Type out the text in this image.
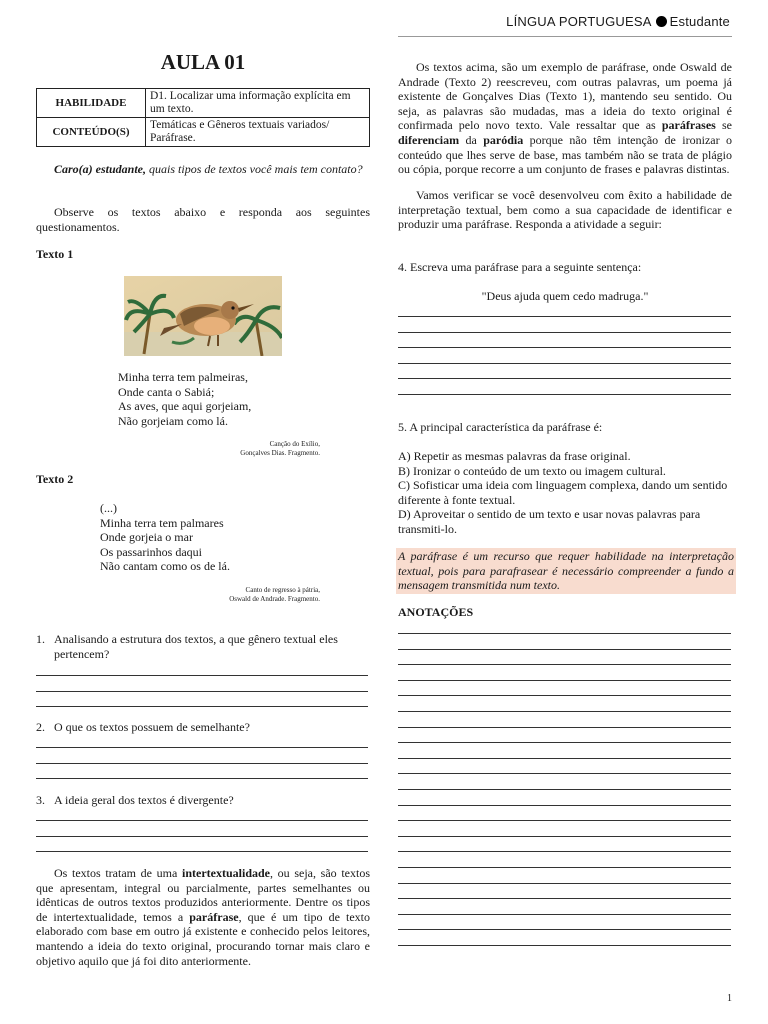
LÍNGUA PORTUGUESA Estudante
AULA 01
HABILIDADE	D1. Localizar uma informação explícita em um texto.
CONTEÚDO(S)	Temáticas e Gêneros textuais variados/ Paráfrase.
Caro(a) estudante, quais tipos de textos você mais tem contato?
Observe os textos abaixo e responda aos seguintes questionamentos.
Texto 1
Minha terra tem palmeiras,
Onde canta o Sabiá;
As aves, que aqui gorjeiam,
Não gorjeiam como lá.
Canção do Exílio,
Gonçalves Dias. Fragmento.
Texto 2
(...)
Minha terra tem palmares
Onde gorjeia o mar
Os passarinhos daqui
Não cantam como os de lá.
Canto de regresso à pátria,
Oswald de Andrade. Fragmento.
1. Analisando a estrutura dos textos, a que gênero textual eles pertencem?
2. O que os textos possuem de semelhante?
3. A ideia geral dos textos é divergente?
Os textos tratam de uma intertextualidade, ou seja, são textos que apresentam, integral ou parcialmente, partes semelhantes ou idênticas de outros textos produzidos anteriormente. Dentre os tipos de intertextualidade, temos a paráfrase, que é um tipo de texto elaborado com base em outro já existente e conhecido pelos leitores, mantendo a ideia do texto original, procurando tornar mais claro e objetivo aquilo que já foi dito anteriormente.
Os textos acima, são um exemplo de paráfrase, onde Oswald de Andrade (Texto 2) reescreveu, com outras palavras, um poema já existente de Gonçalves Dias (Texto 1), mantendo seu sentido. Ou seja, as palavras são mudadas, mas a ideia do texto original é confirmada pelo novo texto. Vale ressaltar que as paráfrases se diferenciam da paródia porque não têm intenção de ironizar o conteúdo que lhes serve de base, mas também não se trata de plágio ou cópia, porque recorre a um conjunto de frases e palavras distintas.
Vamos verificar se você desenvolveu com êxito a habilidade de interpretação textual, bem como a sua capacidade de identificar e produzir uma paráfrase. Responda a atividade a seguir:
4. Escreva uma paráfrase para a seguinte sentença:
"Deus ajuda quem cedo madruga."
5. A principal característica da paráfrase é:
A) Repetir as mesmas palavras da frase original.
B) Ironizar o conteúdo de um texto ou imagem cultural.
C) Sofisticar uma ideia com linguagem complexa, dando um sentido diferente à fonte textual.
D) Aproveitar o sentido de um texto e usar novas palavras para transmiti-lo.
A paráfrase é um recurso que requer habilidade na interpretação textual, pois para parafrasear é necessário compreender a fundo a mensagem transmitida num texto.
ANOTAÇÕES
1
